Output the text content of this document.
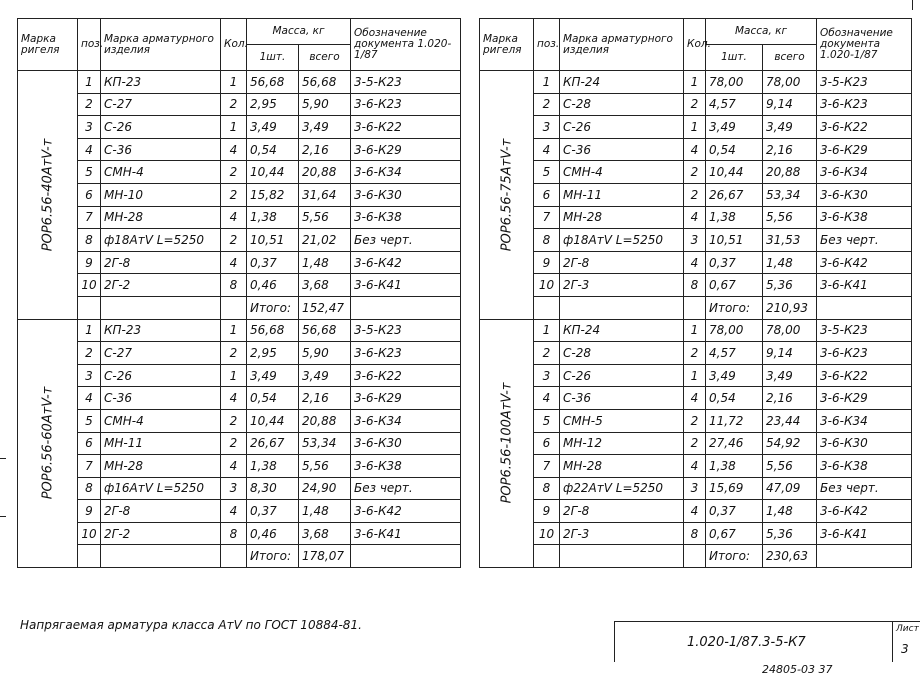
Марка ригеля	поз.	Марка арматурного изделия	Кол.	Масса, кг		Обозначение документа 1.020-1/87
				1шт.	всего	

РОР6.56-40АтV-т	1	КП-23	1	56,68	56,68	3-5-К23
	2	С-27	2	2,95	5,90	3-6-К23
	3	С-26	1	3,49	3,49	3-6-К22
	4	С-36	4	0,54	2,16	3-6-К29
	5	СМН-4	2	10,44	20,88	3-6-К34
	6	МН-10	2	15,82	31,64	3-6-К30
	7	МН-28	4	1,38	5,56	3-6-К38
	8	ф18АтV L=5250	2	10,51	21,02	Без черт.
	9	2Г-8	4	0,37	1,48	3-6-К42
	10	2Г-2	8	0,46	3,68	3-6-К41
				Итого:	152,47	

РОР6.56-60АтV-т	1	КП-23	1	56,68	56,68	3-5-К23
	2	С-27	2	2,95	5,90	3-6-К23
	3	С-26	1	3,49	3,49	3-6-К22
	4	С-36	4	0,54	2,16	3-6-К29
	5	СМН-4	2	10,44	20,88	3-6-К34
	6	МН-11	2	26,67	53,34	3-6-К30
	7	МН-28	4	1,38	5,56	3-6-К38
	8	ф16АтV L=5250	3	8,30	24,90	Без черт.
	9	2Г-8	4	0,37	1,48	3-6-К42
	10	2Г-2	8	0,46	3,68	3-6-К41
				Итого:	178,07	
Марка ригеля	поз.	Марка арматурного изделия	Кол.	Масса, кг		Обозначение документа 1.020-1/87
				1шт.	всего	

РОР6.56-75АтV-т	1	КП-24	1	78,00	78,00	3-5-К23
	2	С-28	2	4,57	9,14	3-6-К23
	3	С-26	1	3,49	3,49	3-6-К22
	4	С-36	4	0,54	2,16	3-6-К29
	5	СМН-4	2	10,44	20,88	3-6-К34
	6	МН-11	2	26,67	53,34	3-6-К30
	7	МН-28	4	1,38	5,56	3-6-К38
	8	ф18АтV L=5250	3	10,51	31,53	Без черт.
	9	2Г-8	4	0,37	1,48	3-6-К42
	10	2Г-3	8	0,67	5,36	3-6-К41
				Итого:	210,93	

РОР6.56-100АтV-т	1	КП-24	1	78,00	78,00	3-5-К23
	2	С-28	2	4,57	9,14	3-6-К23
	3	С-26	1	3,49	3,49	3-6-К22
	4	С-36	4	0,54	2,16	3-6-К29
	5	СМН-5	2	11,72	23,44	3-6-К34
	6	МН-12	2	27,46	54,92	3-6-К30
	7	МН-28	4	1,38	5,56	3-6-К38
	8	ф22АтV L=5250	3	15,69	47,09	Без черт.
	9	2Г-8	4	0,37	1,48	3-6-К42
	10	2Г-3	8	0,67	5,36	3-6-К41
				Итого:	230,63	
Напрягаемая арматура класса АтV по ГОСТ 10884-81.
1.020-1/87.3-5-К7
Лист
3
24805-03 37
